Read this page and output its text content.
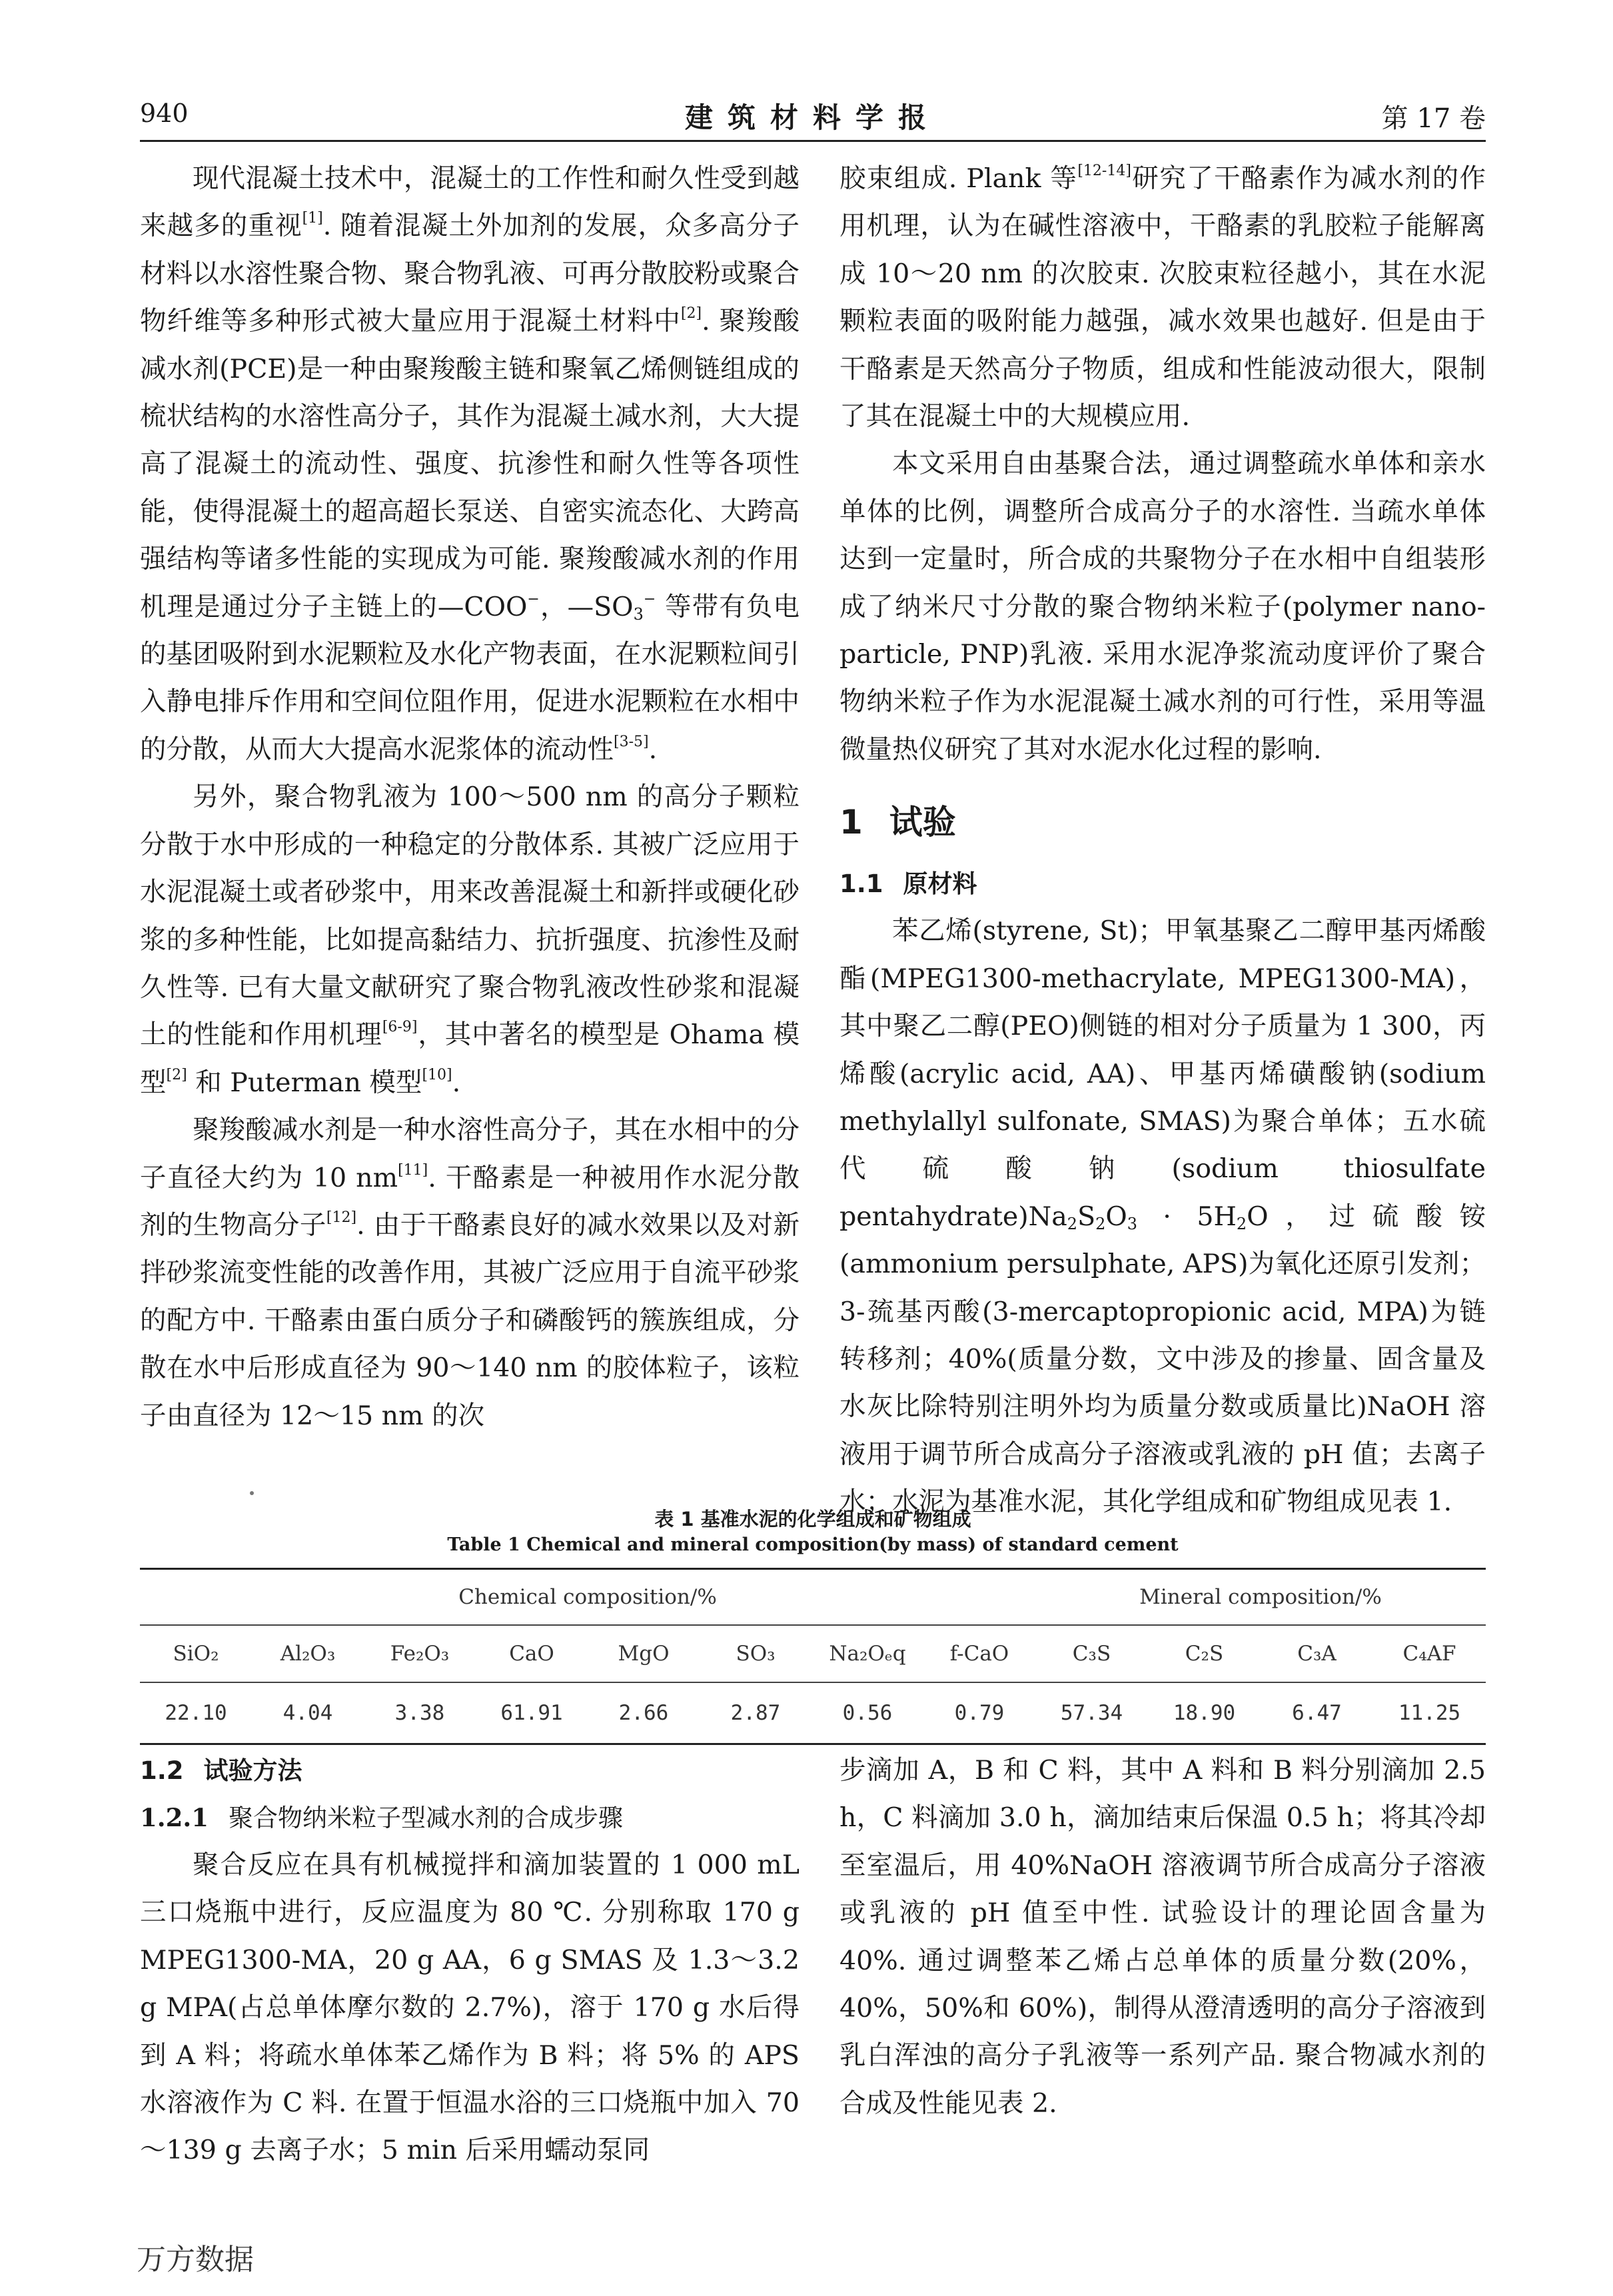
940	建筑材料学报	第 17 卷

现代混凝土技术中，混凝土的工作性和耐久性受到越来越多的重视[1]. 随着混凝土外加剂的发展，众多高分子材料以水溶性聚合物、聚合物乳液、可再分散胶粉或聚合物纤维等多种形式被大量应用于混凝土材料中[2]. 聚羧酸减水剂(PCE)是一种由聚羧酸主链和聚氧乙烯侧链组成的梳状结构的水溶性高分子，其作为混凝土减水剂，大大提高了混凝土的流动性、强度、抗渗性和耐久性等各项性能，使得混凝土的超高超长泵送、自密实流态化、大跨高强结构等诸多性能的实现成为可能. 聚羧酸减水剂的作用机理是通过分子主链上的—COO−，$—SO_3^-$ 等带有负电的基团吸附到水泥颗粒及水化产物表面，在水泥颗粒间引入静电排斥作用和空间位阻作用，促进水泥颗粒在水相中的分散，从而大大提高水泥浆体的流动性[3-5].

另外，聚合物乳液为 100～500 nm 的高分子颗粒分散于水中形成的一种稳定的分散体系. 其被广泛应用于水泥混凝土或者砂浆中，用来改善混凝土和新拌或硬化砂浆的多种性能，比如提高黏结力、抗折强度、抗渗性及耐久性等. 已有大量文献研究了聚合物乳液改性砂浆和混凝土的性能和作用机理[6-9]，其中著名的模型是 Ohama 模型[2] 和 Puterman 模型[10].

聚羧酸减水剂是一种水溶性高分子，其在水相中的分子直径大约为 10 nm[11]. 干酪素是一种被用作水泥分散剂的生物高分子[12]. 由于干酪素良好的减水效果以及对新拌砂浆流变性能的改善作用，其被广泛应用于自流平砂浆的配方中. 干酪素由蛋白质分子和磷酸钙的簇族组成，分散在水中后形成直径为 90～140 nm 的胶体粒子，该粒子由直径为 12～15 nm 的次

胶束组成. Plank 等[12-14]研究了干酪素作为减水剂的作用机理，认为在碱性溶液中，干酪素的乳胶粒子能解离成 10～20 nm 的次胶束. 次胶束粒径越小，其在水泥颗粒表面的吸附能力越强，减水效果也越好. 但是由于干酪素是天然高分子物质，组成和性能波动很大，限制了其在混凝土中的大规模应用.

本文采用自由基聚合法，通过调整疏水单体和亲水单体的比例，调整所合成高分子的水溶性. 当疏水单体达到一定量时，所合成的共聚物分子在水相中自组装形成了纳米尺寸分散的聚合物纳米粒子(polymer nano-particle, PNP)乳液. 采用水泥净浆流动度评价了聚合物纳米粒子作为水泥混凝土减水剂的可行性，采用等温微量热仪研究了其对水泥水化过程的影响.

1 试验
1.1 原材料

苯乙烯(styrene, St)；甲氧基聚乙二醇甲基丙烯酸酯(MPEG1300-methacrylate, MPEG1300-MA)，其中聚乙二醇(PEO)侧链的相对分子质量为 1 300，丙烯酸(acrylic acid, AA)、甲基丙烯磺酸钠(sodium methylallyl sulfonate, SMAS)为聚合单体；五水硫代硫酸钠(sodium thiosulfate $pentahydrate)Na_2S_2O_3 \cdot 5H_2O$，过硫酸铵(ammonium persulphate, APS)为氧化还原引发剂；3-巯基丙酸(3-mercaptopropionic acid, MPA)为链转移剂；40%(质量分数，文中涉及的掺量、固含量及水灰比除特别注明外均为质量分数或质量比)NaOH 溶液用于调节所合成高分子溶液或乳液的 pH 值；去离子水；水泥为基准水泥，其化学组成和矿物组成见表 1.

表 1 基准水泥的化学组成和矿物组成
Table 1 Chemical and mineral composition(by mass) of standard cement
Chemical composition/%								Mineral composition/%			
SiO₂	Al₂O₃	Fe₂O₃	CaO	MgO	SO₃	Na₂Oₑq	f-CaO	C₃S	C₂S	C₃A	C₄AF
22.10	4.04	3.38	61.91	2.66	2.87	0.56	0.79	57.34	18.90	6.47	11.25
1.2 试验方法
1.2.1 聚合物纳米粒子型减水剂的合成步骤

聚合反应在具有机械搅拌和滴加装置的 1 000 mL 三口烧瓶中进行，反应温度为 80 ℃. 分别称取 170 g MPEG1300-MA，20 g AA，6 g SMAS 及 1.3～3.2 g MPA(占总单体摩尔数的 2.7%)，溶于 170 g 水后得到 A 料；将疏水单体苯乙烯作为 B 料；将 5% 的 APS 水溶液作为 C 料. 在置于恒温水浴的三口烧瓶中加入 70～139 g 去离子水；5 min 后采用蠕动泵同

步滴加 A，B 和 C 料，其中 A 料和 B 料分别滴加 2.5 h，C 料滴加 3.0 h，滴加结束后保温 0.5 h；将其冷却至室温后，用 40%NaOH 溶液调节所合成高分子溶液或乳液的 pH 值至中性. 试验设计的理论固含量为 40%. 通过调整苯乙烯占总单体的质量分数(20%，40%，50%和 60%)，制得从澄清透明的高分子溶液到乳白浑浊的高分子乳液等一系列产品. 聚合物减水剂的合成及性能见表 2.

万方数据
